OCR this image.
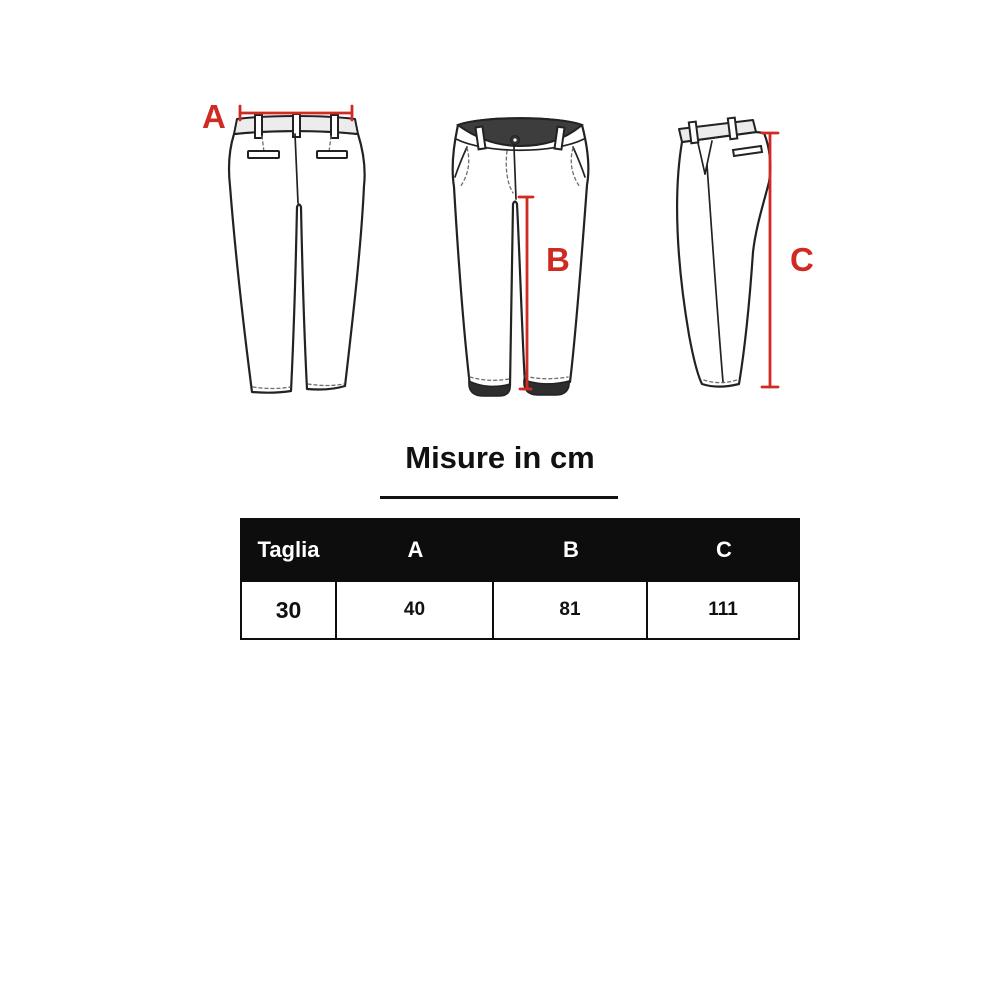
A
B	C
Misure in cm
Taglia	A	B	C
30	40	81	111
